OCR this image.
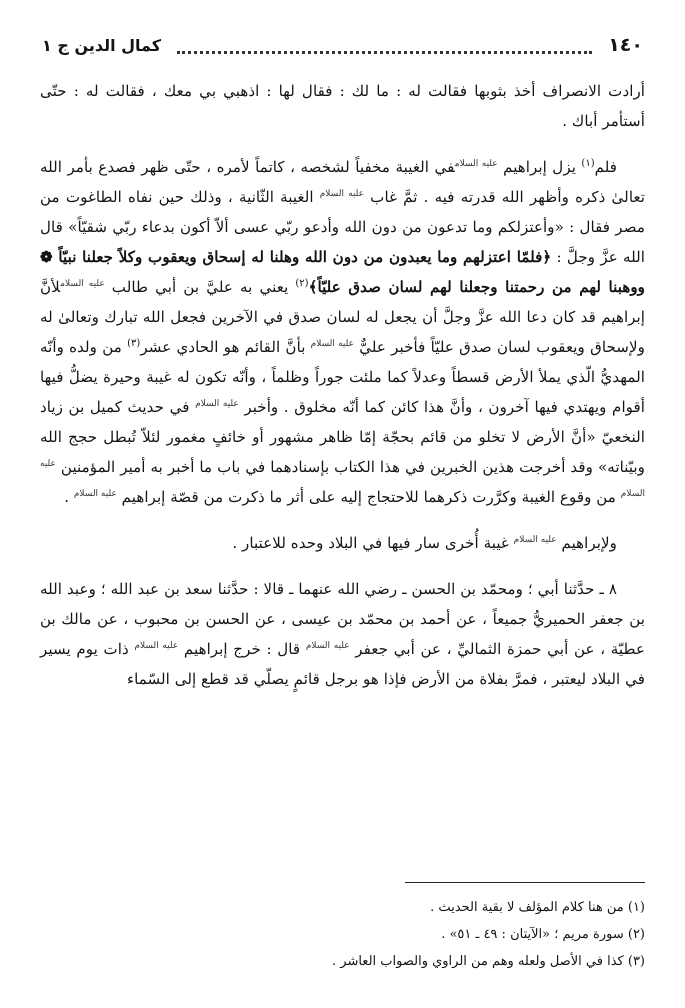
١٤٠
كمال الدين ج ١

أرادت الانصراف أخذ بثوبها فقالت له : ما لك : فقال لها : اذهبي بي معك ، فقالت له : حتّى أستأمر أباك .

فلم$^{(١)}$ يزل إبراهيم $^{عليه السلام}$في الغيبة مخفياً لشخصه ، كاتماً لأمره ، حتّى ظهر فصدع بأمر الله تعالىٰ ذكره وأظهر الله قدرته فيه . ثمَّ غاب $^{عليه السلام}$ الغيبة الثّانية ، وذلك حين نفاه الطاغوت من مصر فقال : «وأعتزلكم وما تدعون من دون الله وأدعو ربّي عسى ألاّ أكون بدعاء ربّي شقيّاً» قال الله عزَّ وجلَّ : ﴿فلمّا اعتزلهم وما يعبدون من دون الله وهلنا له إسحاق ويعقوب وكلاً جعلنا نبيّاً ❁ ووهبنا لهم من رحمتنا وجعلنا لهم لسان صدق عليّاً﴾$^{(٢)}$ يعني به عليَّ بن أبي طالب $^{عليه السلام}$لأنَّ إبراهيم قد كان دعا الله عزَّ وجلَّ أن يجعل له لسان صدق في الآخرين فجعل الله تبارك وتعالىٰ له ولإسحاق ويعقوب لسان صدق عليّاً فأخبر عليٌّ $^{عليه السلام}$ بأنَّ القائم هو الحادي عشر$^{(٣)}$ من ولده وأنّه المهديُّ الّذي يملأ الأرض قسطاً وعدلاً كما ملئت جوراً وظلماً ، وأنّه تكون له غيبة وحيرة يضلُّ فيها أقوام ويهتدي فيها آخرون ، وأنَّ هذا كائن كما أنّه مخلوق . وأخبر $^{عليه السلام}$ في حديث كميل بن زياد النخعيّ «أنَّ الأرض لا تخلو من قائم بحجّة إمّا ظاهر مشهور أو خائفٍ مغمور لئلاّ تُبطل حجج الله وبيّناته» وقد أخرجت هذين الخبرين في هذا الكتاب بإسنادهما في باب ما أخبر به أمير المؤمنين $^{عليه السلام}$ من وقوع الغيبة وكرَّرت ذكرهما للاحتجاج إليه على أثر ما ذكرت من قصّة إبراهيم $^{عليه السلام}$ .

ولإبراهيم $^{عليه السلام}$ غيبة أُخرى سار فيها في البلاد وحده للاعتبار .

٨ ـ حدَّثنا أبي ؛ ومحمّد بن الحسن ـ رضي الله عنهما ـ قالا : حدَّثنا سعد بن عبد الله ؛ وعبد الله بن جعفر الحميريُّ جميعاً ، عن أحمد بن محمّد بن عيسى ، عن الحسن بن محبوب ، عن مالك بن عطيّة ، عن أبي حمزة الثماليِّ ، عن أبي جعفر $^{عليه السلام}$ قال : خرج إبراهيم $^{عليه السلام}$ ذات يوم يسير في البلاد ليعتبر ، فمرَّ بفلاة من الأرض فإذا هو برجل قائمٍ يصلّي قد قطع إلى السّماء

(١) من هنا كلام المؤلف لا بقية الحديث .

(٢) سورة مريم ؛ «الآيتان : ٤٩ ـ ٥١» .

(٣) كذا في الأصل ولعله وهم من الراوي والصواب العاشر .
